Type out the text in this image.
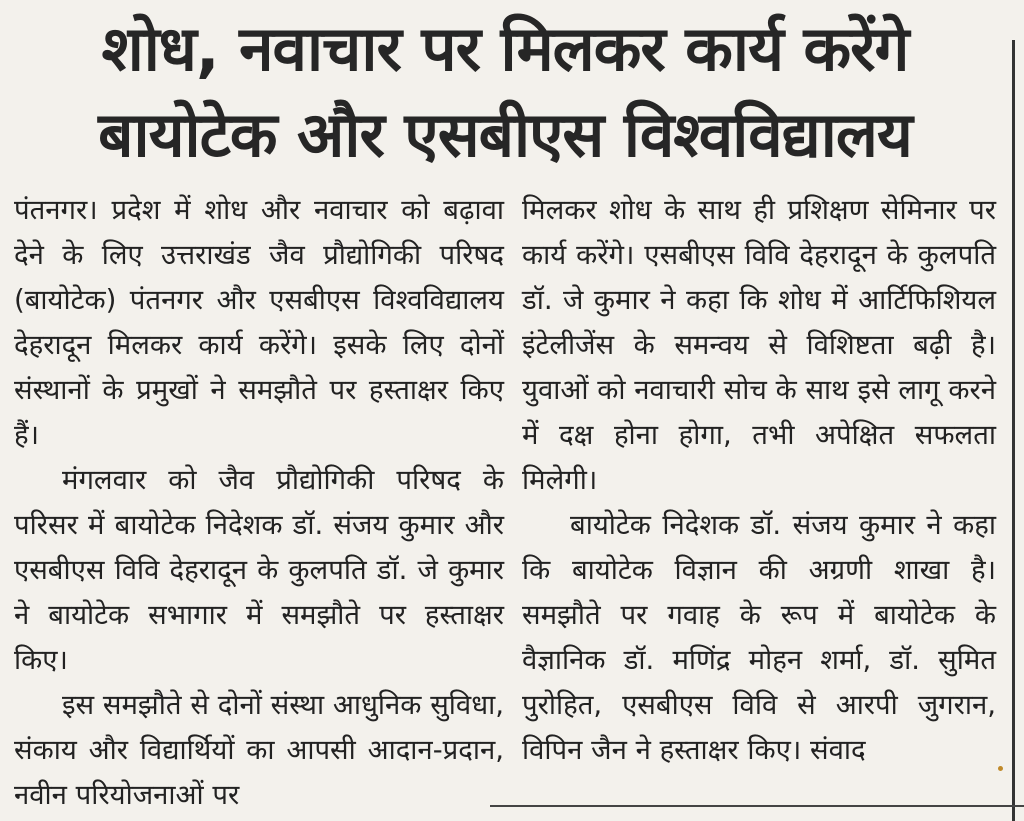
शोध, नवाचार पर मिलकर कार्य करेंगे
बायोटेक और एसबीएस विश्वविद्यालय

पंतनगर। प्रदेश में शोध और नवाचार को बढ़ावा देने के लिए उत्तराखंड जैव प्रौद्योगिकी परिषद (बायोटेक) पंतनगर और एसबीएस विश्वविद्यालय देहरादून मिलकर कार्य करेंगे। इसके लिए दोनों संस्थानों के प्रमुखों ने समझौते पर हस्ताक्षर किए हैं।

मंगलवार को जैव प्रौद्योगिकी परिषद के परिसर में बायोटेक निदेशक डॉ. संजय कुमार और एसबीएस विवि देहरादून के कुलपति डॉ. जे कुमार ने बायोटेक सभागार में समझौते पर हस्ताक्षर किए।

इस समझौते से दोनों संस्था आधुनिक सुविधा, संकाय और विद्यार्थियों का आपसी आदान-प्रदान, नवीन परियोजनाओं पर

मिलकर शोध के साथ ही प्रशिक्षण सेमिनार पर कार्य करेंगे। एसबीएस विवि देहरादून के कुलपति डॉ. जे कुमार ने कहा कि शोध में आर्टिफिशियल इंटेलीजेंस के समन्वय से विशिष्टता बढ़ी है। युवाओं को नवाचारी सोच के साथ इसे लागू करने में दक्ष होना होगा, तभी अपेक्षित सफलता मिलेगी।

बायोटेक निदेशक डॉ. संजय कुमार ने कहा कि बायोटेक विज्ञान की अग्रणी शाखा है। समझौते पर गवाह के रूप में बायोटेक के वैज्ञानिक डॉ. मणिंद्र मोहन शर्मा, डॉ. सुमित पुरोहित, एसबीएस विवि से आरपी जुगरान, विपिन जैन ने हस्ताक्षर किए। संवाद
